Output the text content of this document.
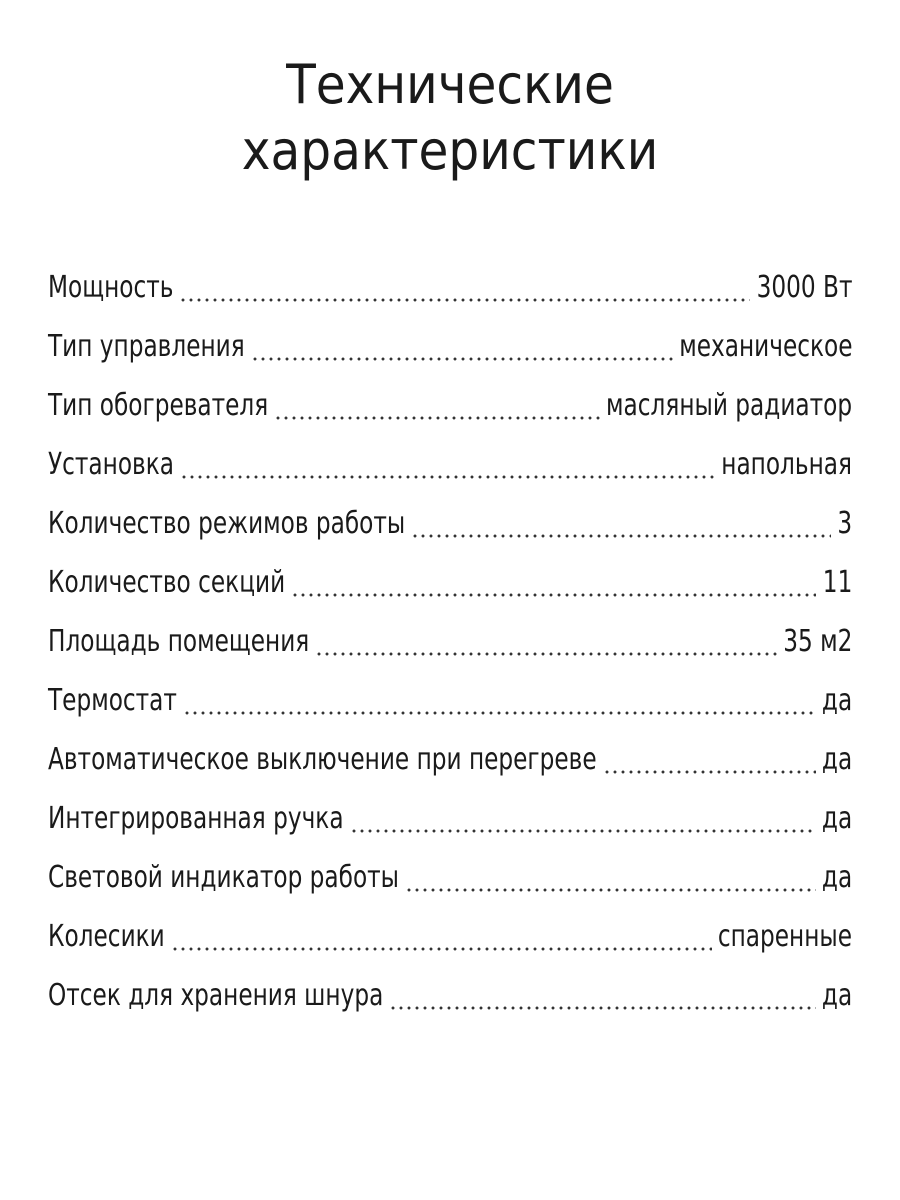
Технические
характеристики
Мощность	3000 Вт
Тип управления	механическое
Тип обогревателя	масляный радиатор
Установка	напольная
Количество режимов работы	3
Количество секций	11
Площадь помещения	35 м2
Термостат	да
Автоматическое выключение при перегреве	да
Интегрированная ручка	да
Световой индикатор работы	да
Колесики	спаренные
Отсек для хранения шнура	да
